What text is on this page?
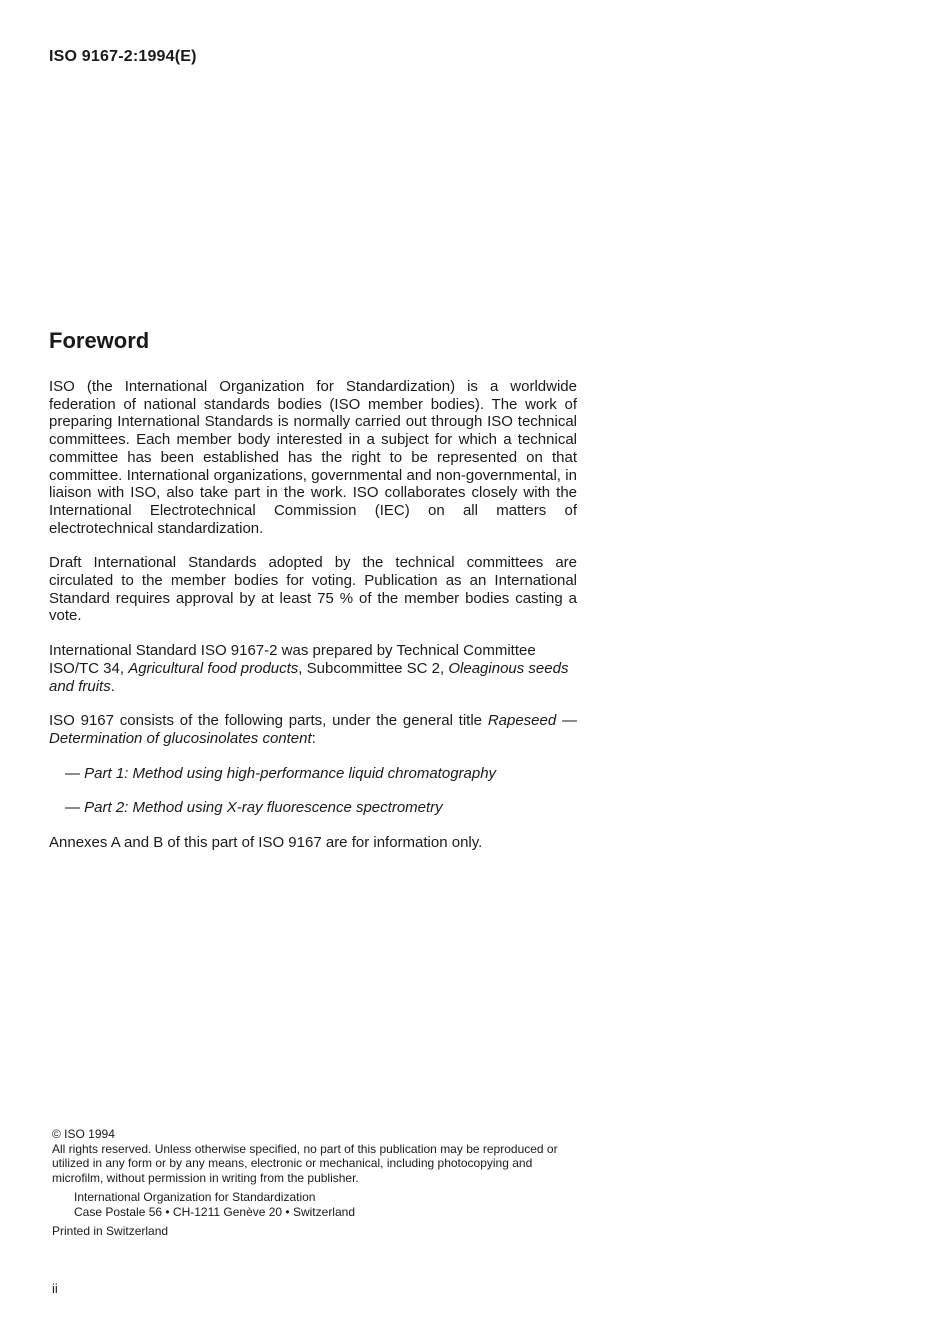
ISO 9167-2:1994(E)
Foreword

ISO (the International Organization for Standardization) is a worldwide federation of national standards bodies (ISO member bodies). The work of preparing International Standards is normally carried out through ISO technical committees. Each member body interested in a subject for which a technical committee has been established has the right to be represented on that committee. International organizations, governmental and non-governmental, in liaison with ISO, also take part in the work. ISO collaborates closely with the International Electrotechnical Commission (IEC) on all matters of electrotechnical standardization.

Draft International Standards adopted by the technical committees are circulated to the member bodies for voting. Publication as an International Standard requires approval by at least 75 % of the member bodies casting a vote.

International Standard ISO 9167-2 was prepared by Technical Committee ISO/TC 34, Agricultural food products, Subcommittee SC 2, Oleaginous seeds and fruits.

ISO 9167 consists of the following parts, under the general title Rapeseed — Determination of glucosinolates content:

— Part 1: Method using high-performance liquid chromatography
— Part 2: Method using X-ray fluorescence spectrometry

Annexes A and B of this part of ISO 9167 are for information only.

© ISO 1994

All rights reserved. Unless otherwise specified, no part of this publication may be reproduced or utilized in any form or by any means, electronic or mechanical, including photocopying and microfilm, without permission in writing from the publisher.

International Organization for Standardization

Case Postale 56 • CH-1211 Genève 20 • Switzerland

Printed in Switzerland

ii
